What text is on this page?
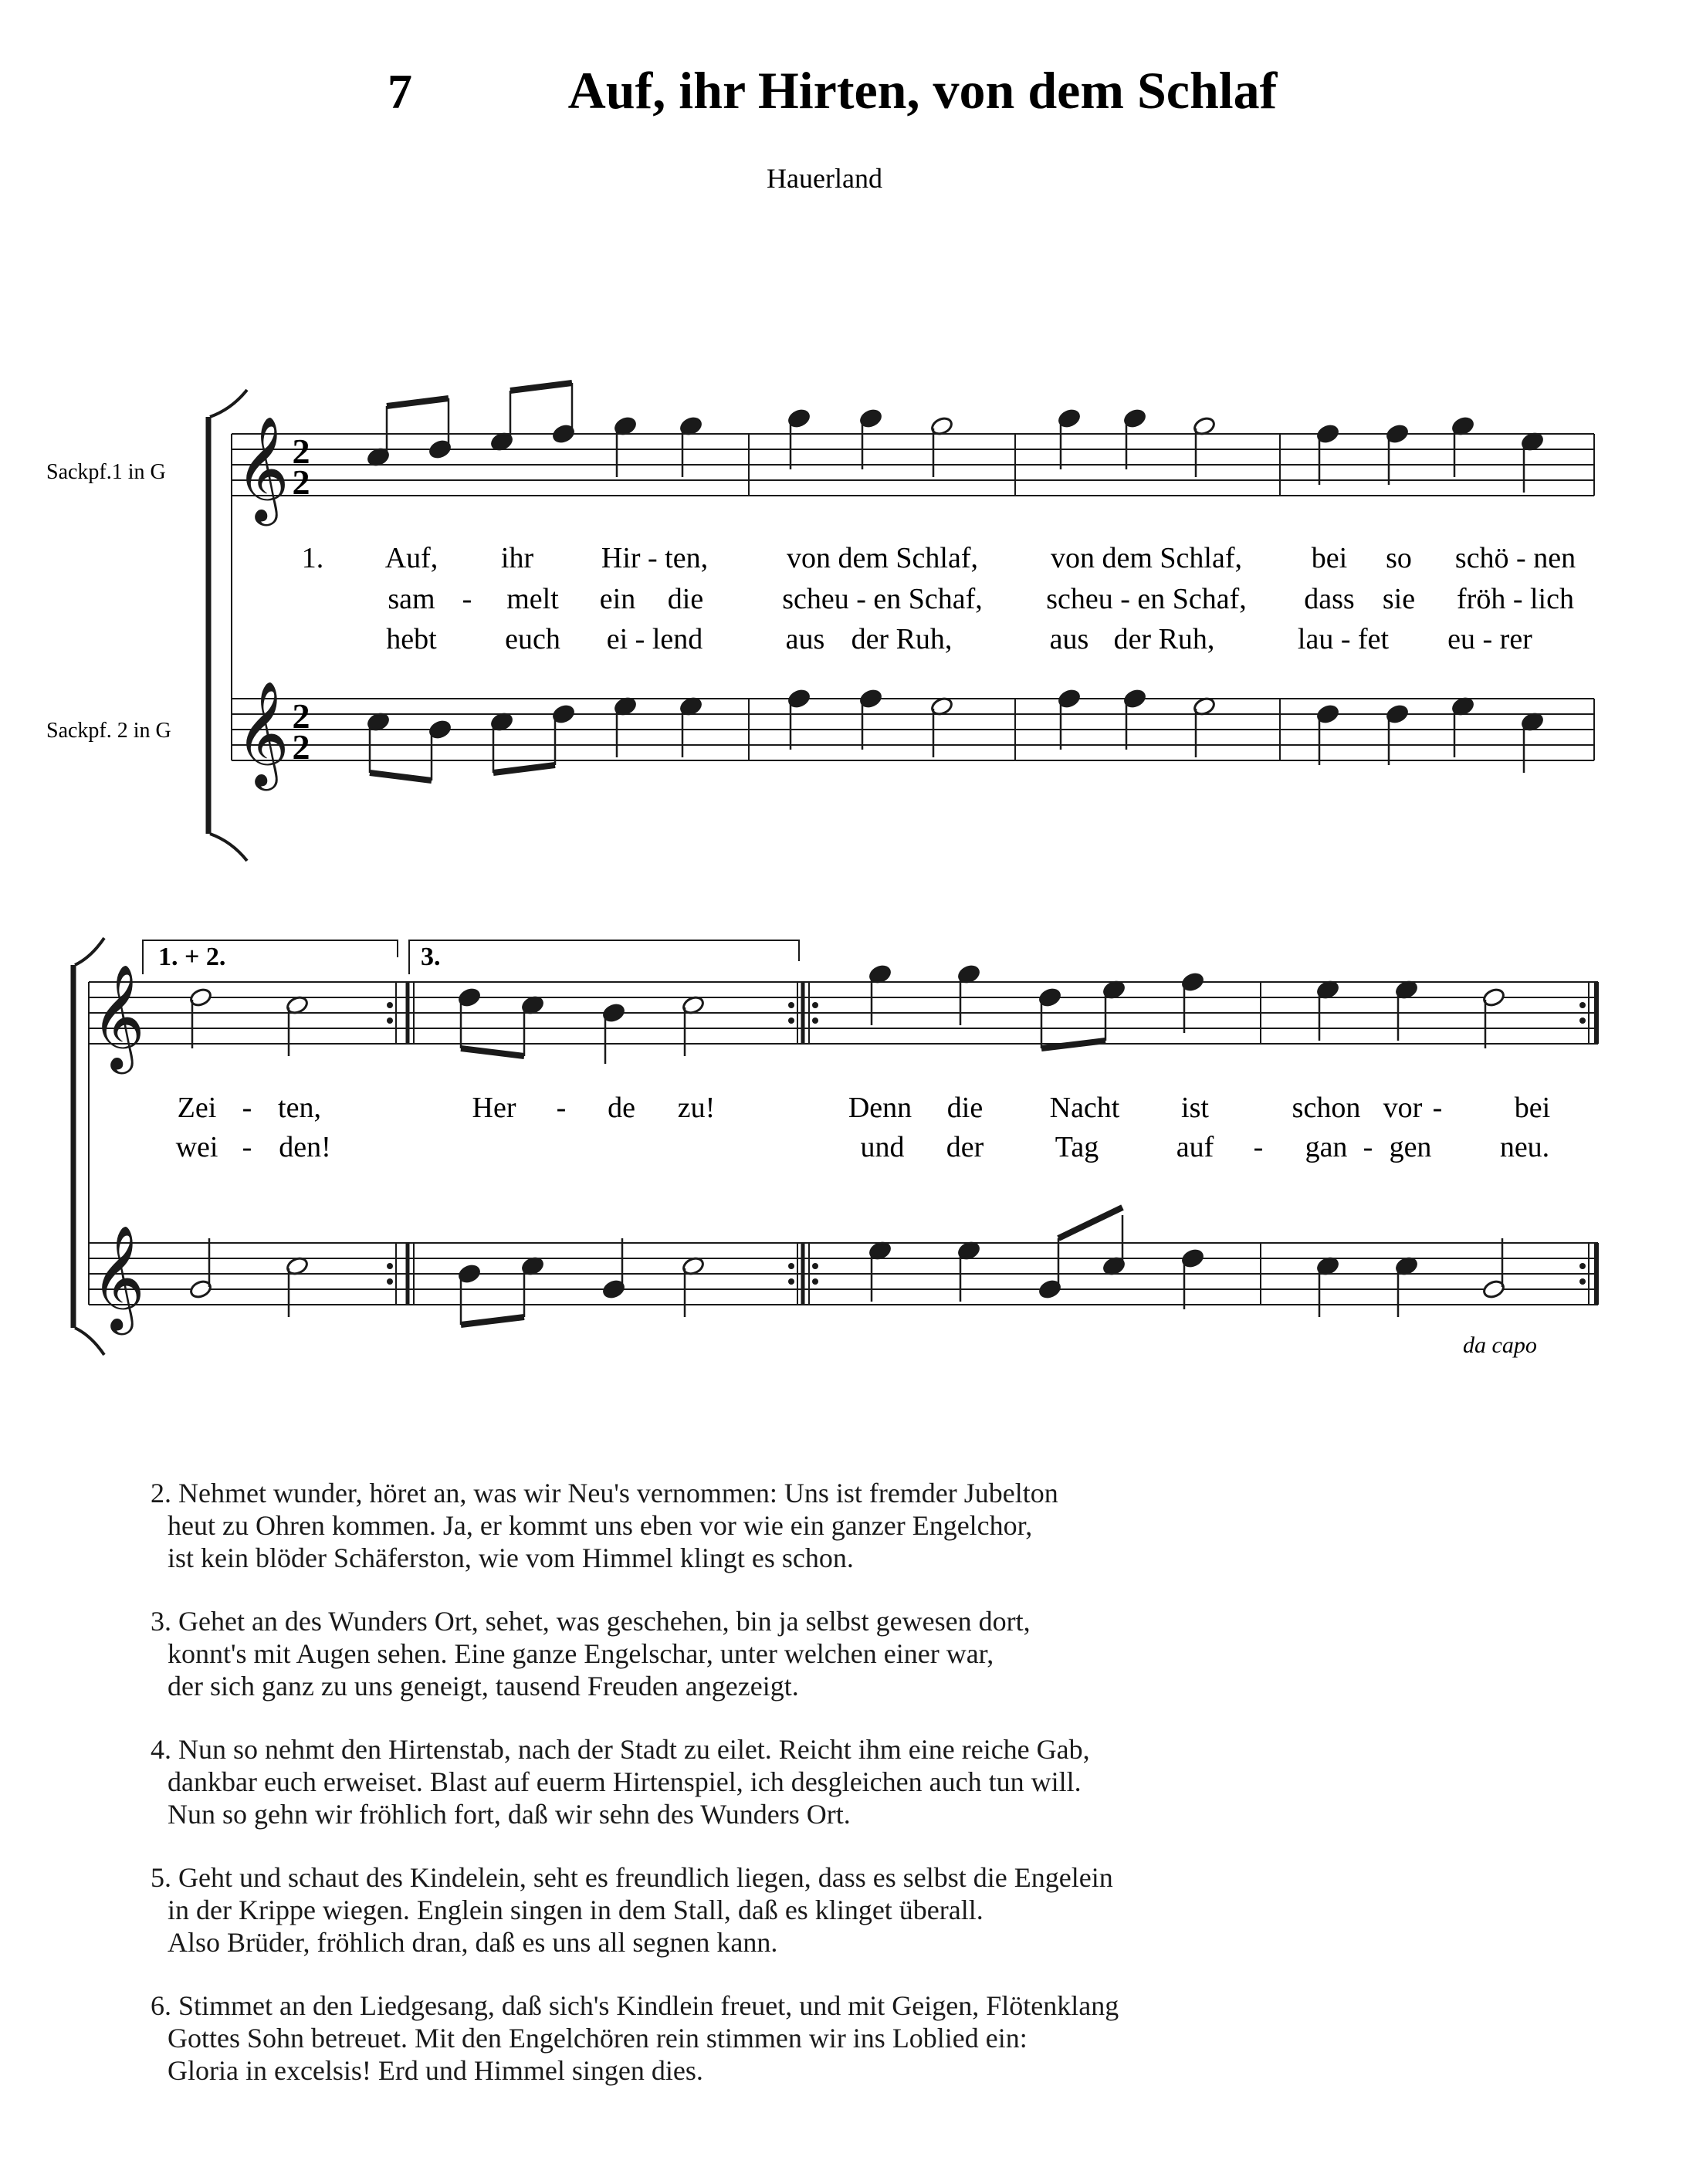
7	Auf, ihr Hirten, von dem Schlaf
Hauerland
Sackpf.1 in G
Sackpf. 2 in G
𝄞
𝄞
2
2
2
2
𝄞
𝄞
1. Auf, ihr Hir - ten,	von dem Schlaf, von dem Schlaf, bei so schö - nen
sam - melt ein die	scheu - en Schaf, scheu - en Schaf, dass sie fröh - lich
hebt euch ei - lend	aus der Ruh,	aus der Ruh,	lau - fet eu - rer
Zei - ten,	Her - de zu!	Denn die Nacht ist	schon vor - bei
wei - den!	und der Tag	auf - gan - gen neu.
1. + 2.	3.
da capo
2. Nehmet wunder, höret an, was wir Neu's vernommen: Uns ist fremder Jubelton
heut zu Ohren kommen. Ja, er kommt uns eben vor wie ein ganzer Engelchor,
ist kein blöder Schäferston, wie vom Himmel klingt es schon.
3. Gehet an des Wunders Ort, sehet, was geschehen, bin ja selbst gewesen dort,
konnt's mit Augen sehen. Eine ganze Engelschar, unter welchen einer war,
der sich ganz zu uns geneigt, tausend Freuden angezeigt.
4. Nun so nehmt den Hirtenstab, nach der Stadt zu eilet. Reicht ihm eine reiche Gab,
dankbar euch erweiset. Blast auf euerm Hirtenspiel, ich desgleichen auch tun will.
Nun so gehn wir fröhlich fort, daß wir sehn des Wunders Ort.
5. Geht und schaut des Kindelein, seht es freundlich liegen, dass es selbst die Engelein
in der Krippe wiegen. Englein singen in dem Stall, daß es klinget überall.
Also Brüder, fröhlich dran, daß es uns all segnen kann.
6. Stimmet an den Liedgesang, daß sich's Kindlein freuet, und mit Geigen, Flötenklang
Gottes Sohn betreuet. Mit den Engelchören rein stimmen wir ins Loblied ein:
Gloria in excelsis! Erd und Himmel singen dies.
